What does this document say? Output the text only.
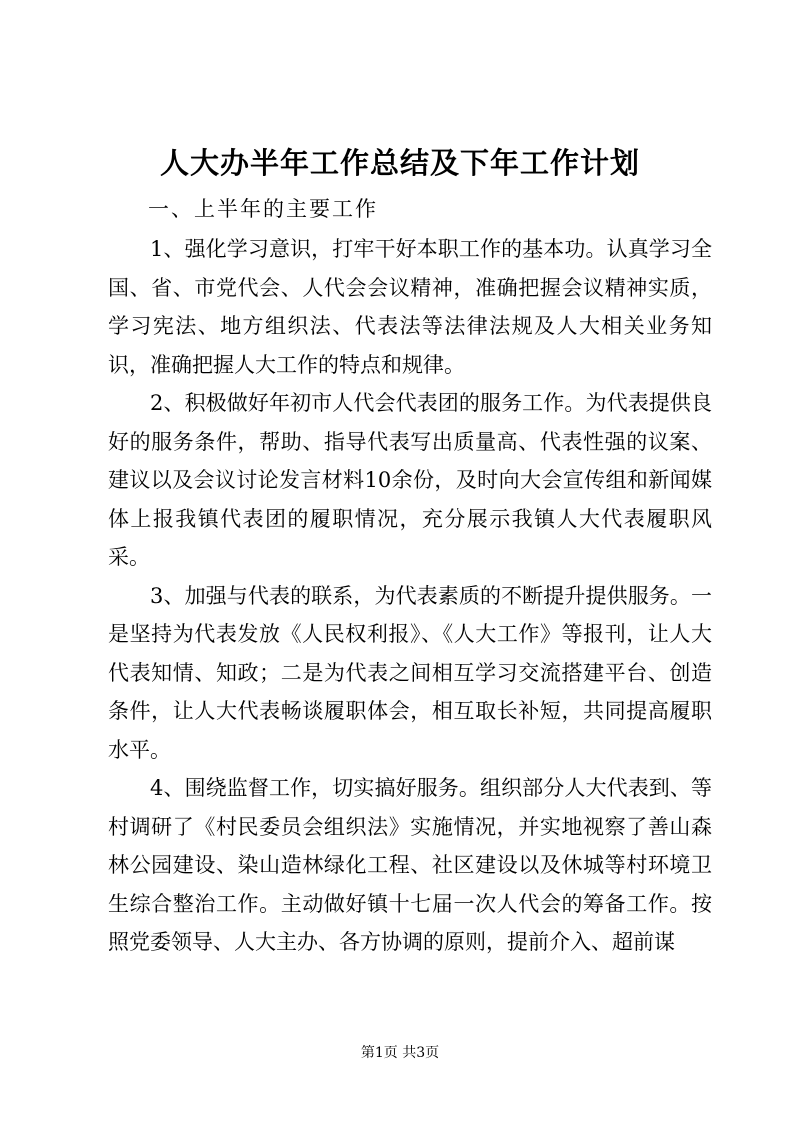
人大办半年工作总结及下年工作计划
一、上半年的主要工作

1、强化学习意识，打牢干好本职工作的基本功。认真学习全国、省、市党代会、人代会会议精神，准确把握会议精神实质，学习宪法、地方组织法、代表法等法律法规及人大相关业务知识，准确把握人大工作的特点和规律。

2、积极做好年初市人代会代表团的服务工作。为代表提供良好的服务条件，帮助、指导代表写出质量高、代表性强的议案、建议以及会议讨论发言材料10余份，及时向大会宣传组和新闻媒体上报我镇代表团的履职情况，充分展示我镇人大代表履职风采。

3、加强与代表的联系，为代表素质的不断提升提供服务。一是坚持为代表发放《人民权利报》、《人大工作》等报刊，让人大代表知情、知政；二是为代表之间相互学习交流搭建平台、创造条件，让人大代表畅谈履职体会，相互取长补短，共同提高履职水平。

4、围绕监督工作，切实搞好服务。组织部分人大代表到、等村调研了《村民委员会组织法》实施情况，并实地视察了善山森林公园建设、染山造林绿化工程、社区建设以及休城等村环境卫生综合整治工作。主动做好镇十七届一次人代会的筹备工作。按照党委领导、人大主办、各方协调的原则，提前介入、超前谋

第1页 共3页
